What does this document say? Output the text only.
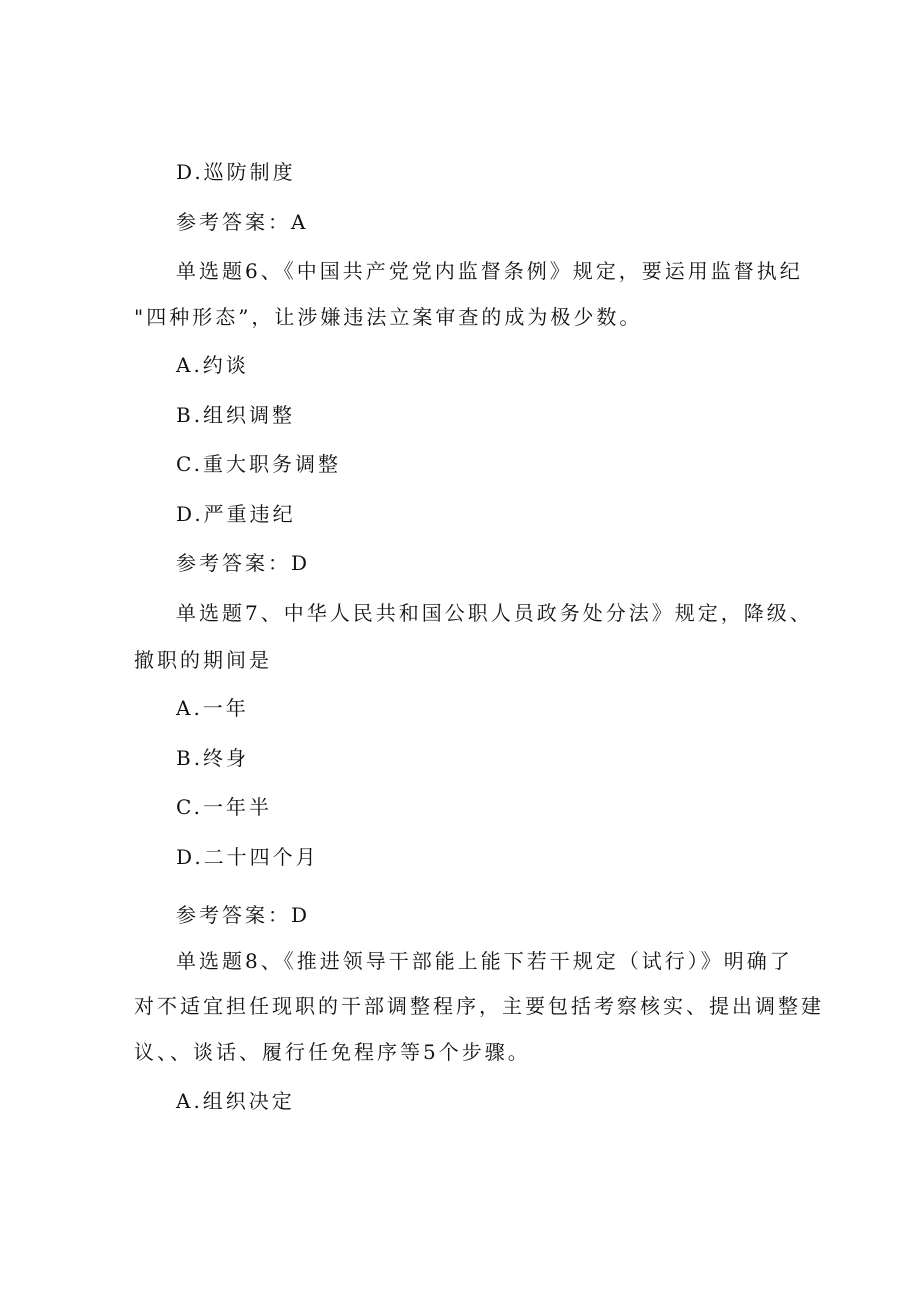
D.巡防制度
参考答案：A
单选题6、《中国共产党党内监督条例》规定，要运用监督执纪
"四种形态”，让涉嫌违法立案审查的成为极少数。
A.约谈
B.组织调整
C.重大职务调整
D.严重违纪
参考答案：D
单选题7、中华人民共和国公职人员政务处分法》规定，降级、
撤职的期间是
A.一年
B.终身
C.一年半
D.二十四个月
参考答案：D
单选题8、《推进领导干部能上能下若干规定（试行）》明确了
对不适宜担任现职的干部调整程序，主要包括考察核实、提出调整建
议、、谈话、履行任免程序等5个步骤。
A.组织决定
